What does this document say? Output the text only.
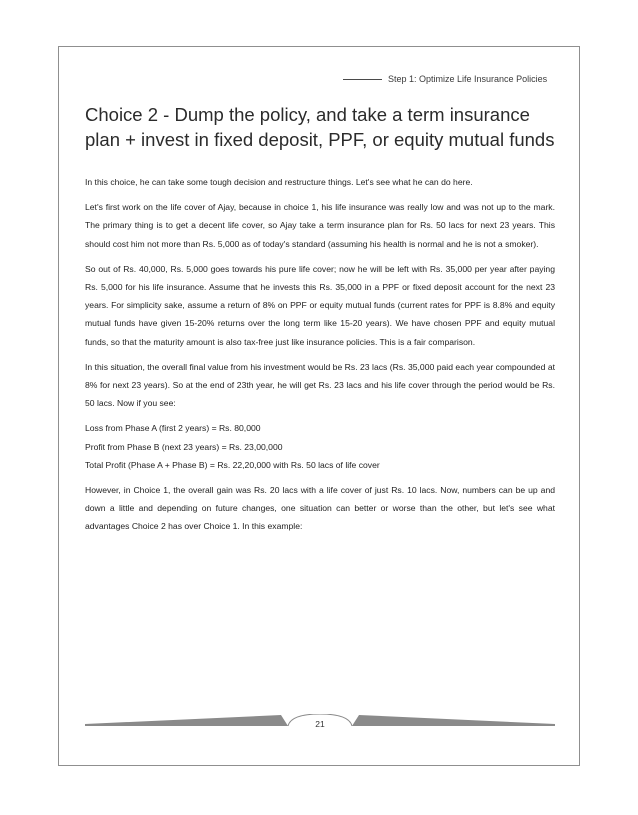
Step 1: Optimize Life Insurance Policies
Choice 2 - Dump the policy, and take a term insurance plan + invest in fixed deposit, PPF, or equity mutual funds

In this choice, he can take some tough decision and restructure things. Let's see what he can do here.

Let's first work on the life cover of Ajay, because in choice 1, his life insurance was really low and was not up to the mark. The primary thing is to get a decent life cover, so Ajay take a term insurance plan for Rs. 50 lacs for next 23 years. This should cost him not more than Rs. 5,000 as of today's standard (assuming his health is normal and he is not a smoker).

So out of Rs. 40,000, Rs. 5,000 goes towards his pure life cover; now he will be left with Rs. 35,000 per year after paying Rs. 5,000 for his life insurance. Assume that he invests this Rs. 35,000 in a PPF or fixed deposit account for the next 23 years. For simplicity sake, assume a return of 8% on PPF or equity mutual funds (current rates for PPF is 8.8% and equity mutual funds have given 15-20% returns over the long term like 15-20 years). We have chosen PPF and equity mutual funds, so that the maturity amount is also tax-free just like insurance policies. This is a fair comparison.

In this situation, the overall final value from his investment would be Rs. 23 lacs (Rs. 35,000 paid each year compounded at 8% for next 23 years). So at the end of 23th year, he will get Rs. 23 lacs and his life cover through the period would be Rs. 50 lacs. Now if you see:

Loss from Phase A (first 2 years) = Rs. 80,000
Profit from Phase B (next 23 years) = Rs. 23,00,000
Total Profit (Phase A + Phase B) = Rs. 22,20,000 with Rs. 50 lacs of life cover

However, in Choice 1, the overall gain was Rs. 20 lacs with a life cover of just Rs. 10 lacs. Now, numbers can be up and down a little and depending on future changes, one situation can better or worse than the other, but let's see what advantages Choice 2 has over Choice 1. In this example:

21
